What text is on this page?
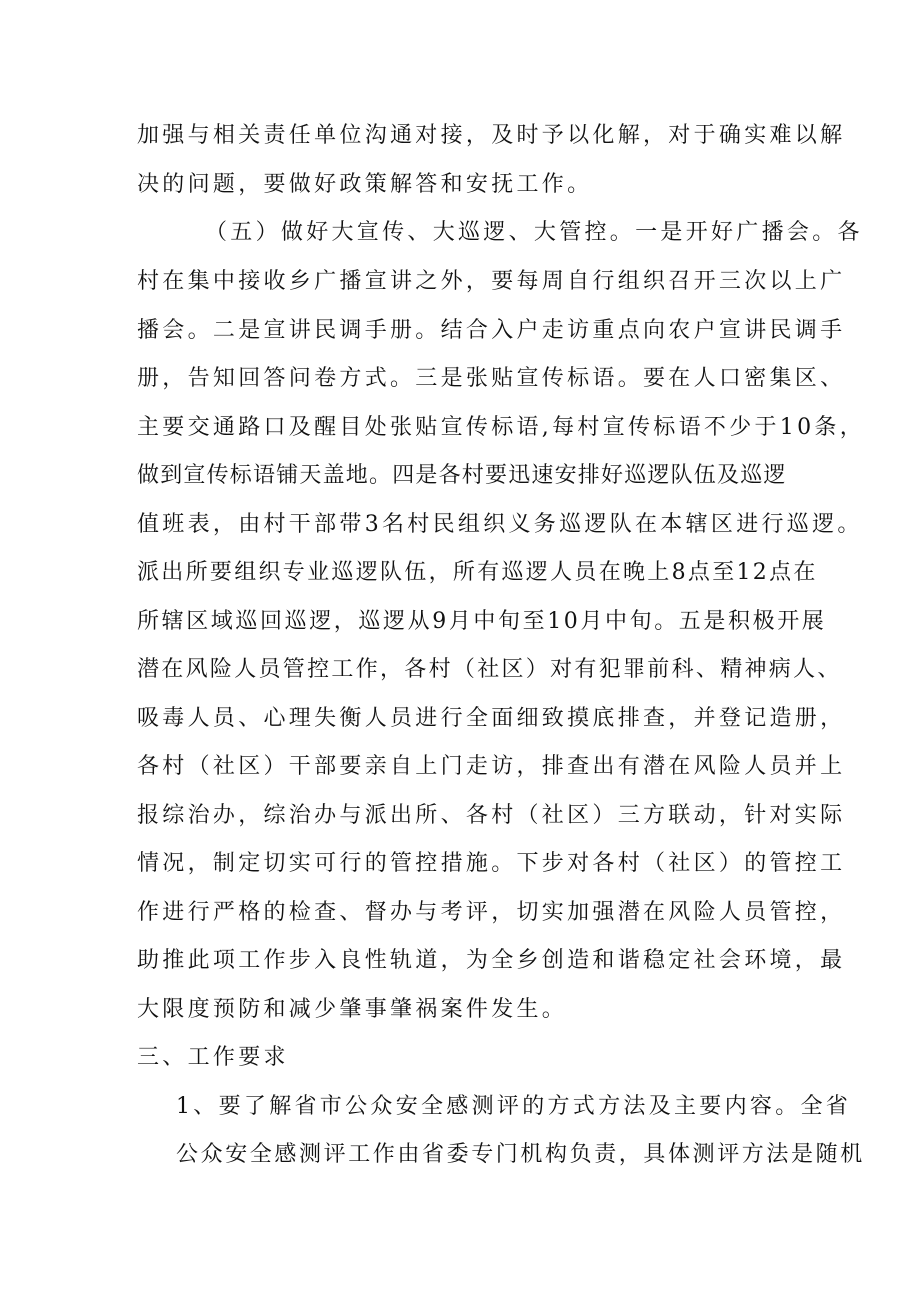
加强与相关责任单位沟通对接，及时予以化解，对于确实难以解
决的问题，要做好政策解答和安抚工作。
（五）做好大宣传、大巡逻、大管控。一是开好广播会。各
村在集中接收乡广播宣讲之外，要每周自行组织召开三次以上广
播会。二是宣讲民调手册。结合入户走访重点向农户宣讲民调手
册，告知回答问卷方式。三是张贴宣传标语。要在人口密集区、
主要交通路口及醒目处张贴宣传标语,每村宣传标语不少于10条，
做到宣传标语铺天盖地。四是各村要迅速安排好巡逻队伍及巡逻
值班表，由村干部带3名村民组织义务巡逻队在本辖区进行巡逻。
派出所要组织专业巡逻队伍，所有巡逻人员在晚上8点至12点在
所辖区域巡回巡逻，巡逻从9月中旬至10月中旬。五是积极开展
潜在风险人员管控工作，各村（社区）对有犯罪前科、精神病人、
吸毒人员、心理失衡人员进行全面细致摸底排查，并登记造册，
各村（社区）干部要亲自上门走访，排查出有潜在风险人员并上
报综治办，综治办与派出所、各村（社区）三方联动，针对实际
情况，制定切实可行的管控措施。下步对各村（社区）的管控工
作进行严格的检查、督办与考评，切实加强潜在风险人员管控，
助推此项工作步入良性轨道，为全乡创造和谐稳定社会环境，最
大限度预防和减少肇事肇祸案件发生。
三、工作要求
1、要了解省市公众安全感测评的方式方法及主要内容。全省
公众安全感测评工作由省委专门机构负责，具体测评方法是随机
